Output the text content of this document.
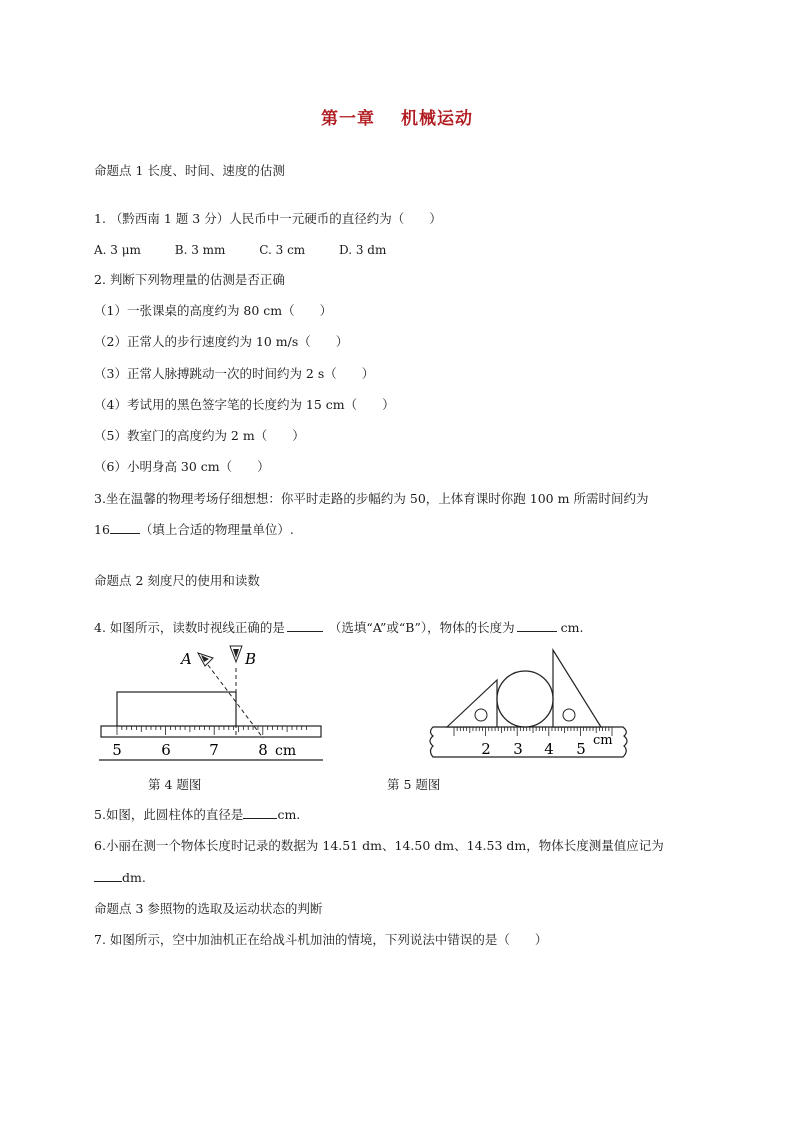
第一章 机械运动
命题点 1 长度、时间、速度的估测
1. （黔西南 1 题 3 分）人民币中一元硬币的直径约为（　　）
A. 3 μm	B. 3 mm	C. 3 cm	D. 3 dm
2. 判断下列物理量的估测是否正确
（1）一张课桌的高度约为 80 cm（　　）
（2）正常人的步行速度约为 10 m/s（　　）
（3）正常人脉搏跳动一次的时间约为 2 s（　　）
（4）考试用的黑色签字笔的长度约为 15 cm（　　）
（5）教室门的高度约为 2 m（　　）
（6）小明身高 30 cm（　　）
3.坐在温馨的物理考场仔细想想：你平时走路的步幅约为 50，上体育课时你跑 100 m 所需时间约为
16 （填上合适的物理量单位）.
命题点 2 刻度尺的使用和读数
4. 如图所示，读数时视线正确的是	（选填“A”或“B”），物体的长度为	cm.
A	B
5	6	7	8 cm	2 3 4 5 cm
第 4 题图	第 5 题图
5.如图，此圆柱体的直径是	cm.
6.小丽在测一个物体长度时记录的数据为 14.51 dm、14.50 dm、14.53 dm，物体长度测量值应记为
dm.
命题点 3 参照物的选取及运动状态的判断
7. 如图所示，空中加油机正在给战斗机加油的情境，下列说法中错误的是（　　）
